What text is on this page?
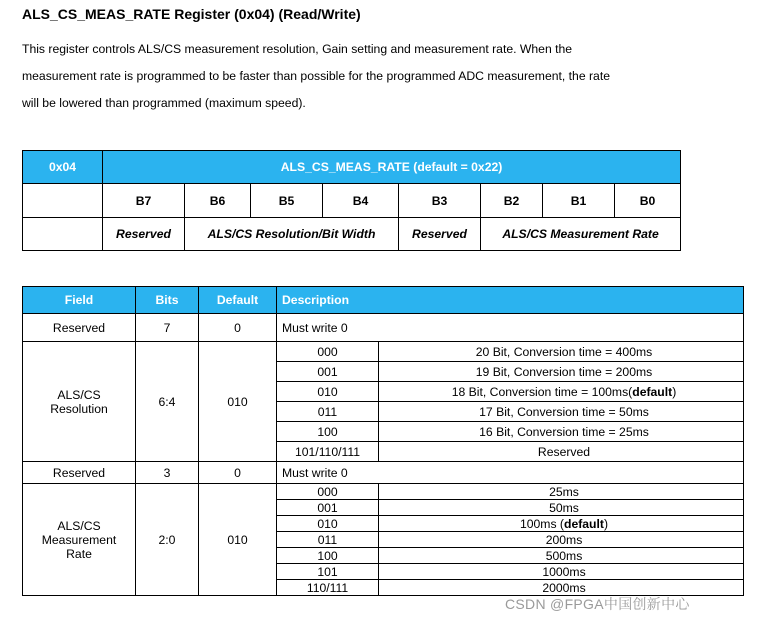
ALS_CS_MEAS_RATE Register (0x04) (Read/Write)

This register controls ALS/CS measurement resolution, Gain setting and measurement rate. When the

measurement rate is programmed to be faster than possible for the programmed ADC measurement, the rate

will be lowered than programmed (maximum speed).

0x04	ALS_CS_MEAS_RATE (default = 0x22)							
	B7	B6	B5	B4	B3	B2	B1	B0
	Reserved	ALS/CS Resolution/Bit Width			Reserved	ALS/CS Measurement Rate		
Field	Bits	Default	Description
Reserved	7	0	Must write 0
ALS/CS
Resolution	6:4	010	
000	20 Bit, Conversion time = 400ms
001	19 Bit, Conversion time = 200ms
010	18 Bit, Conversion time = 100ms(default)
011	17 Bit, Conversion time = 50ms
100	16 Bit, Conversion time = 25ms
101/110/111	Reserved

Reserved	3	0	Must write 0
ALS/CS
Measurement
Rate	2:0	010	
000	25ms
001	50ms
010	100ms (default)
011	200ms
100	500ms
101	1000ms
110/111	2000ms
CSDN @FPGA中国创新中心
